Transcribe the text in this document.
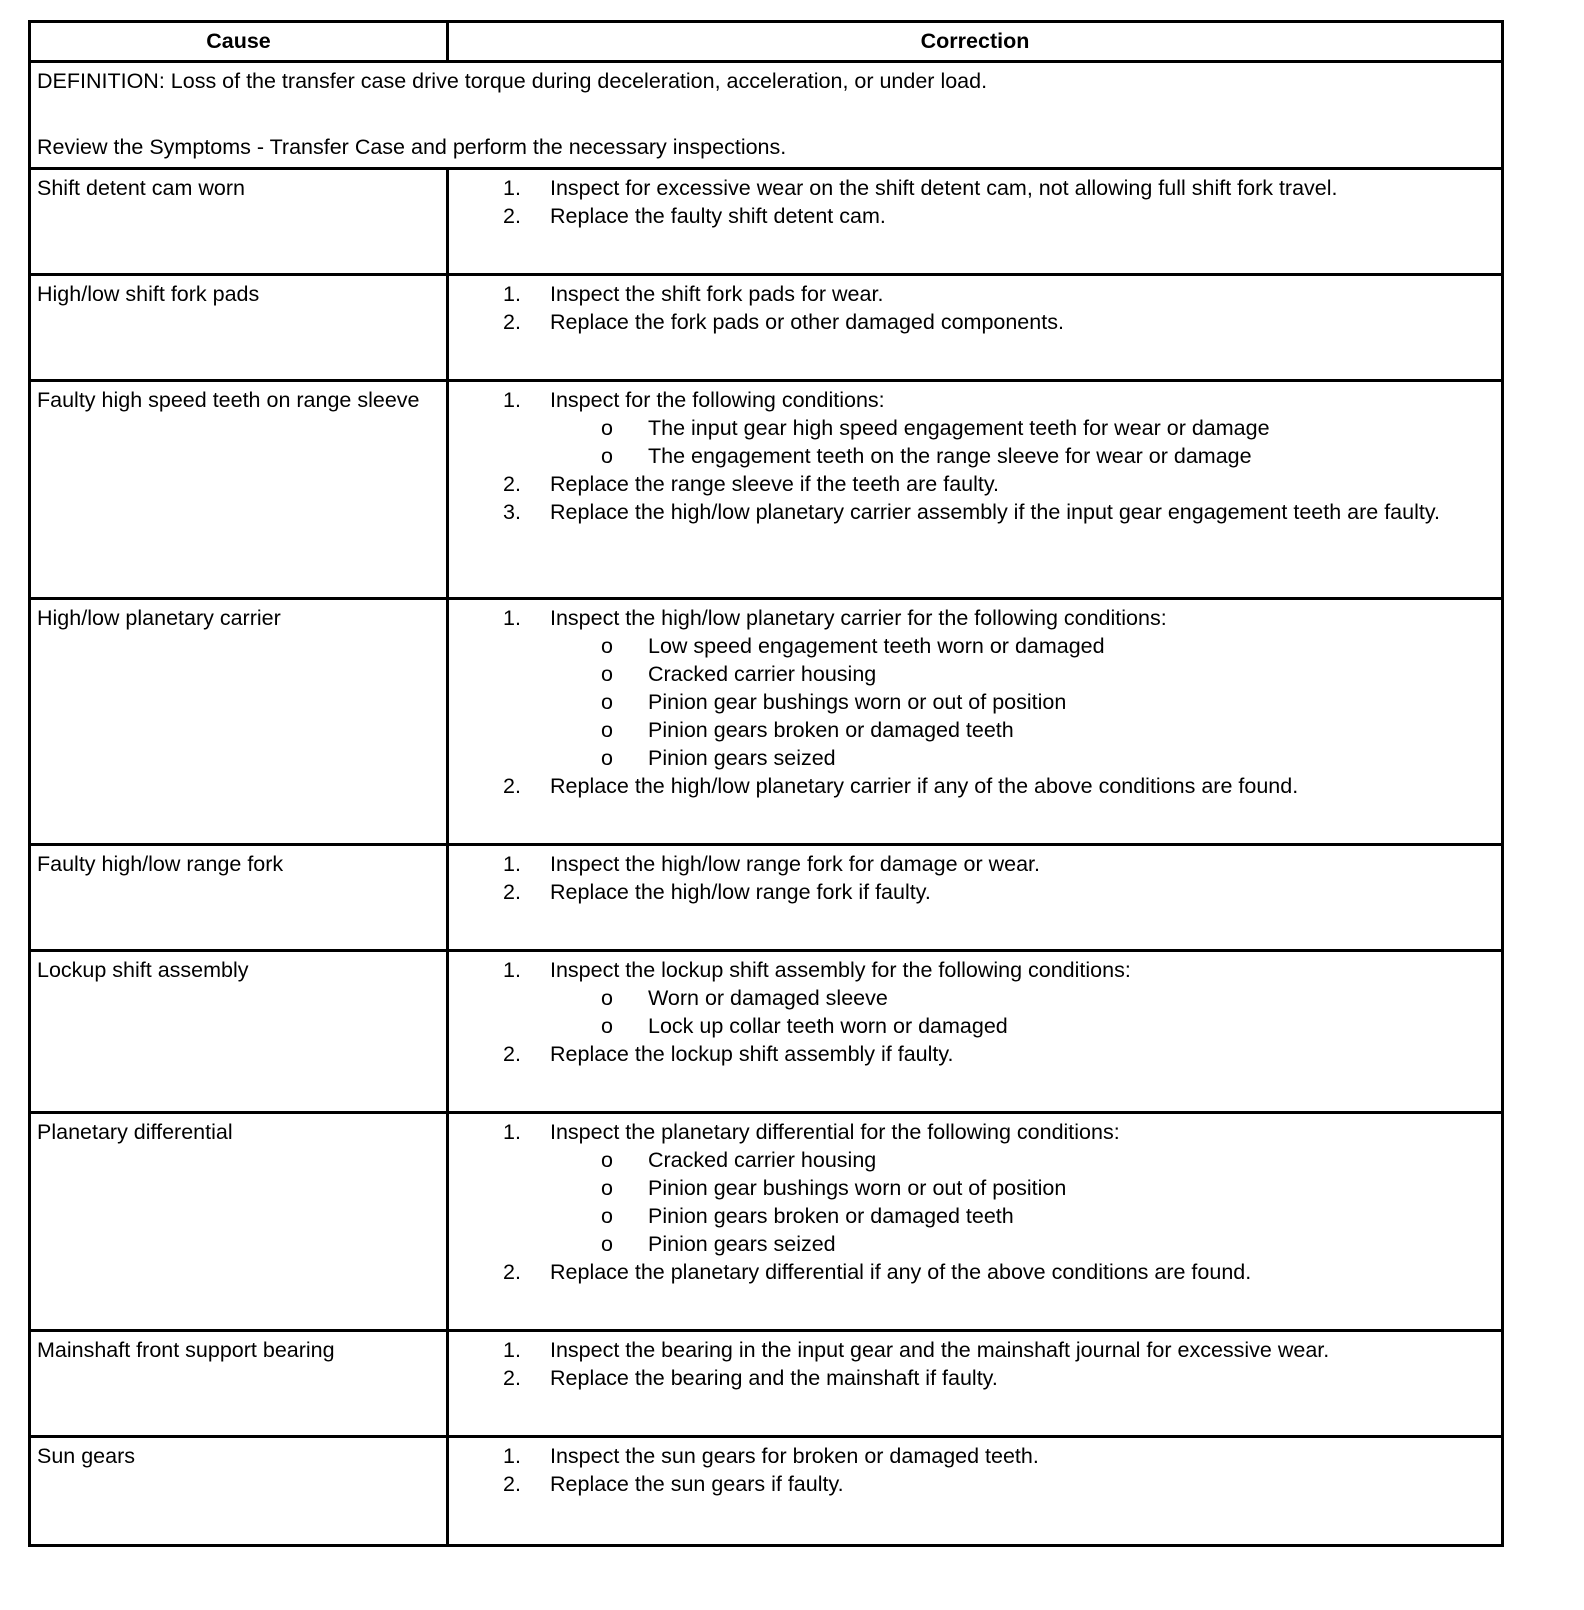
Cause	Correction

DEFINITION: Loss of the transfer case drive torque during deceleration, acceleration, or under load.

Review the Symptoms - Transfer Case and perform the necessary inspections.

Shift detent cam worn	1.	Inspect for excessive wear on the shift detent cam, not allowing full shift fork travel.
2.	Replace the faulty shift detent cam.
High/low shift fork pads	1.	Inspect the shift fork pads for wear.
2.	Replace the fork pads or other damaged components.
Faulty high speed teeth on range sleeve	1.	Inspect for the following conditions:
o	The input gear high speed engagement teeth for wear or damage
o	The engagement teeth on the range sleeve for wear or damage
2.	Replace the range sleeve if the teeth are faulty.
3.	Replace the high/low planetary carrier assembly if the input gear engagement teeth are faulty.
High/low planetary carrier	1.	Inspect the high/low planetary carrier for the following conditions:
o	Low speed engagement teeth worn or damaged
o	Cracked carrier housing
o	Pinion gear bushings worn or out of position
o	Pinion gears broken or damaged teeth
o	Pinion gears seized
2.	Replace the high/low planetary carrier if any of the above conditions are found.
Faulty high/low range fork	1.	Inspect the high/low range fork for damage or wear.
2.	Replace the high/low range fork if faulty.
Lockup shift assembly	1.	Inspect the lockup shift assembly for the following conditions:
o	Worn or damaged sleeve
o	Lock up collar teeth worn or damaged
2.	Replace the lockup shift assembly if faulty.
Planetary differential	1.	Inspect the planetary differential for the following conditions:
o	Cracked carrier housing
o	Pinion gear bushings worn or out of position
o	Pinion gears broken or damaged teeth
o	Pinion gears seized
2.	Replace the planetary differential if any of the above conditions are found.
Mainshaft front support bearing	1.	Inspect the bearing in the input gear and the mainshaft journal for excessive wear.
2.	Replace the bearing and the mainshaft if faulty.
Sun gears	1.	Inspect the sun gears for broken or damaged teeth.
2.	Replace the sun gears if faulty.
